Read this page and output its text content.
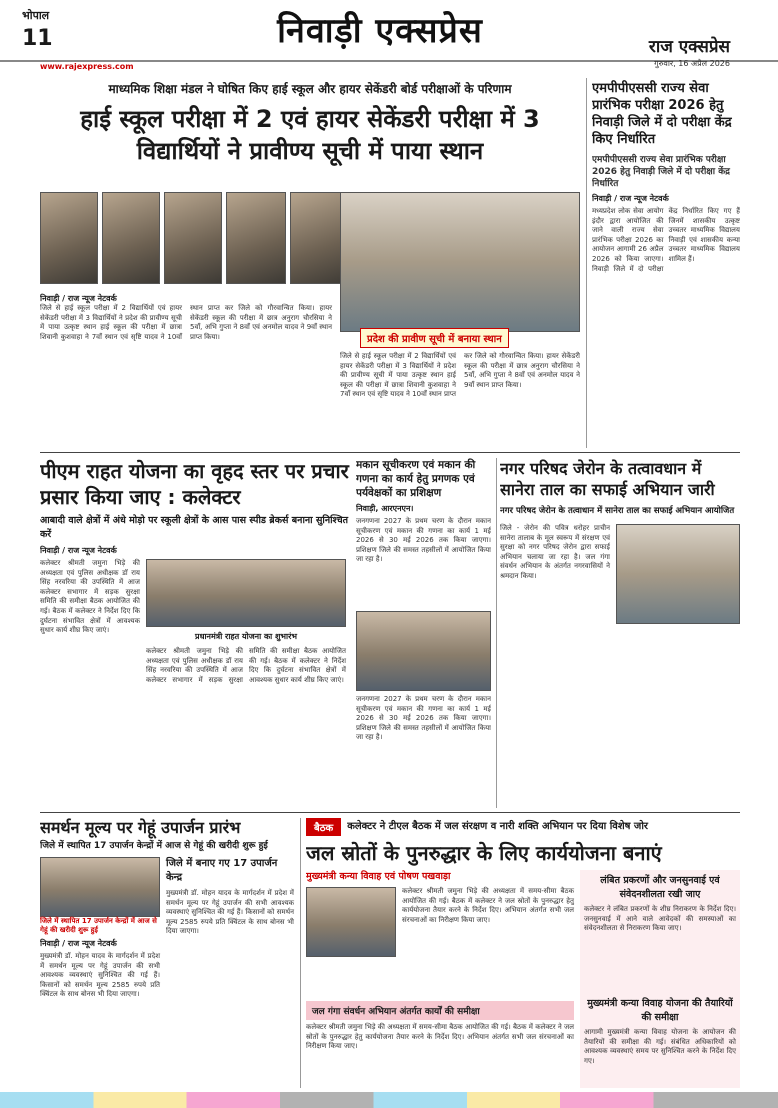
भोपाल
11	निवाड़ी एक्सप्रेस	राज एक्सप्रेस
www.rajexpress.com	गुरुवार, 16 अप्रैल 2026
माध्यमिक शिक्षा मंडल ने घोषित किए हाई स्कूल और हायर सेकेंडरी बोर्ड परीक्षाओं के परिणाम
हाई स्कूल परीक्षा में 2 एवं हायर सेकेंडरी परीक्षा में 3 विद्यार्थियों ने प्रावीण्य सूची में पाया स्थान
प्रदेश की प्रावीण सूची में बनाया स्थान
निवाड़ी / राज न्यूज नेटवर्क
जिले से हाई स्कूल परीक्षा में 2 विद्यार्थियों एवं हायर सेकेंडरी परीक्षा में 3 विद्यार्थियों ने प्रदेश की प्रावीण्य सूची में पाया उत्कृष्ट स्थान हाई स्कूल की परीक्षा में छात्रा शिवानी कुशवाहा ने 7वाँ स्थान एवं सृष्टि यादव ने 10वाँ स्थान प्राप्त कर जिले को गौरवान्वित किया। हायर सेकेंडरी स्कूल की परीक्षा में छात्र अनुराग चौरसिया ने 5वाँ, अभि गुप्ता ने 8वाँ एवं अनमोल यादव ने 9वाँ स्थान प्राप्त किया।
जिले से हाई स्कूल परीक्षा में 2 विद्यार्थियों एवं हायर सेकेंडरी परीक्षा में 3 विद्यार्थियों ने प्रदेश की प्रावीण्य सूची में पाया उत्कृष्ट स्थान हाई स्कूल की परीक्षा में छात्रा शिवानी कुशवाहा ने 7वाँ स्थान एवं सृष्टि यादव ने 10वाँ स्थान प्राप्त कर जिले को गौरवान्वित किया। हायर सेकेंडरी स्कूल की परीक्षा में छात्र अनुराग चौरसिया ने 5वाँ, अभि गुप्ता ने 8वाँ एवं अनमोल यादव ने 9वाँ स्थान प्राप्त किया।
एमपीपीएससी राज्य सेवा प्रारंभिक परीक्षा 2026 हेतु निवाड़ी जिले में दो परीक्षा केंद्र किए निर्धारित
एमपीपीएससी राज्य सेवा प्रारंभिक परीक्षा 2026 हेतु निवाड़ी जिले में दो परीक्षा केंद्र निर्धारित
निवाड़ी / राज न्यूज नेटवर्क
मध्यप्रदेश लोक सेवा आयोग इंदौर द्वारा आयोजित की जाने वाली राज्य सेवा प्रारंभिक परीक्षा 2026 का आयोजन आगामी 26 अप्रैल 2026 को किया जाएगा। निवाड़ी जिले में दो परीक्षा केंद्र निर्धारित किए गए हैं जिनमें शासकीय उत्कृष्ट उच्चतर माध्यमिक विद्यालय निवाड़ी एवं शासकीय कन्या उच्चतर माध्यमिक विद्यालय शामिल हैं।
पीएम राहत योजना का वृहद स्तर पर प्रचार प्रसार किया जाए : कलेक्टर
आबादी वाले क्षेत्रों में अंधे मोड़ो पर स्कूली क्षेत्रों के आस पास स्पीड ब्रेकर्स बनाना सुनिश्चित करें
निवाड़ी / राज न्यूज नेटवर्क
कलेक्टर श्रीमती जमुना भिड़े की अध्यक्षता एवं पुलिस अधीक्षक डॉ राय सिंह नरवरिया की उपस्थिति में आज कलेक्टर सभागार में सड़क सुरक्षा समिति की समीक्षा बैठक आयोजित की गई। बैठक में कलेक्टर ने निर्देश दिए कि दुर्घटना संभावित क्षेत्रों में आवश्यक सुधार कार्य शीघ्र किए जाएं।
प्रधानमंत्री राहत योजना का शुभारंभ
कलेक्टर श्रीमती जमुना भिड़े की अध्यक्षता एवं पुलिस अधीक्षक डॉ राय सिंह नरवरिया की उपस्थिति में आज कलेक्टर सभागार में सड़क सुरक्षा समिति की समीक्षा बैठक आयोजित की गई। बैठक में कलेक्टर ने निर्देश दिए कि दुर्घटना संभावित क्षेत्रों में आवश्यक सुधार कार्य शीघ्र किए जाएं।
मकान सूचीकरण एवं मकान की गणना का कार्य हेतु प्रगणक एवं पर्यवेक्षकों का प्रशिक्षण
निवाड़ी, आरएनएन।
जनगणना 2027 के प्रथम चरण के दौरान मकान सूचीकरण एवं मकान की गणना का कार्य 1 मई 2026 से 30 मई 2026 तक किया जाएगा। प्रशिक्षण जिले की समस्त तहसीलों में आयोजित किया जा रहा है।
जनगणना 2027 के प्रथम चरण के दौरान मकान सूचीकरण एवं मकान की गणना का कार्य 1 मई 2026 से 30 मई 2026 तक किया जाएगा। प्रशिक्षण जिले की समस्त तहसीलों में आयोजित किया जा रहा है।
नगर परिषद जेरोन के तत्वावधान में सानेरा ताल का सफाई अभियान जारी
नगर परिषद जेरोन के तत्वाधान में सानेरा ताल का सफाई अभियान आयोजित
जिले - जेरोन की पवित्र धरोहर प्राचीन सानेरा तालाब के मूल स्वरूप में संरक्षण एवं सुरक्षा को नगर परिषद जेरोन द्वारा सफाई अभियान चलाया जा रहा है। जल गंगा संवर्धन अभियान के अंतर्गत नगरवासियों ने श्रमदान किया।
समर्थन मूल्य पर गेहूं उपार्जन प्रारंभ
जिले में स्थापित 17 उपार्जन केन्द्रों में आज से गेहूं की खरीदी शुरू हुई
जिले में स्थापित 17 उपार्जन केन्द्रों में आज से गेहूं की खरीदी शुरू हुई
निवाड़ी / राज न्यूज नेटवर्क
मुख्यमंत्री डॉ. मोहन यादव के मार्गदर्शन में प्रदेश में समर्थन मूल्य पर गेहूं उपार्जन की सभी आवश्यक व्यवस्थाएं सुनिश्चित की गई हैं। किसानों को समर्थन मूल्य 2585 रुपये प्रति क्विंटल के साथ बोनस भी दिया जाएगा।
जिले में बनाए गए 17 उपार्जन केन्द्र
मुख्यमंत्री डॉ. मोहन यादव के मार्गदर्शन में प्रदेश में समर्थन मूल्य पर गेहूं उपार्जन की सभी आवश्यक व्यवस्थाएं सुनिश्चित की गई हैं। किसानों को समर्थन मूल्य 2585 रुपये प्रति क्विंटल के साथ बोनस भी दिया जाएगा।
बैठक	कलेक्टर ने टीएल बैठक में जल संरक्षण व नारी शक्ति अभियान पर दिया विशेष जोर
जल स्रोतों के पुनरुद्धार के लिए कार्ययोजना बनाएं
मुख्यमंत्री कन्या विवाह एवं पोषण पखवाड़ा
कलेक्टर श्रीमती जमुना भिड़े की अध्यक्षता में समय-सीमा बैठक आयोजित की गई। बैठक में कलेक्टर ने जल स्रोतों के पुनरुद्धार हेतु कार्ययोजना तैयार करने के निर्देश दिए। अभियान अंतर्गत सभी जल संरचनाओं का निरीक्षण किया जाए।
जल गंगा संवर्धन अभियान अंतर्गत कार्यों की समीक्षा
कलेक्टर श्रीमती जमुना भिड़े की अध्यक्षता में समय-सीमा बैठक आयोजित की गई। बैठक में कलेक्टर ने जल स्रोतों के पुनरुद्धार हेतु कार्ययोजना तैयार करने के निर्देश दिए। अभियान अंतर्गत सभी जल संरचनाओं का निरीक्षण किया जाए।
लंबित प्रकरणों और जनसुनवाई एवं संवेदनशीलता रखी जाए
कलेक्टर ने लंबित प्रकरणों के शीघ्र निराकरण के निर्देश दिए। जनसुनवाई में आने वाले आवेदकों की समस्याओं का संवेदनशीलता से निराकरण किया जाए।
मुख्यमंत्री कन्या विवाह योजना की तैयारियों की समीक्षा
आगामी मुख्यमंत्री कन्या विवाह योजना के आयोजन की तैयारियों की समीक्षा की गई। संबंधित अधिकारियों को आवश्यक व्यवस्थाएं समय पर सुनिश्चित करने के निर्देश दिए गए।
